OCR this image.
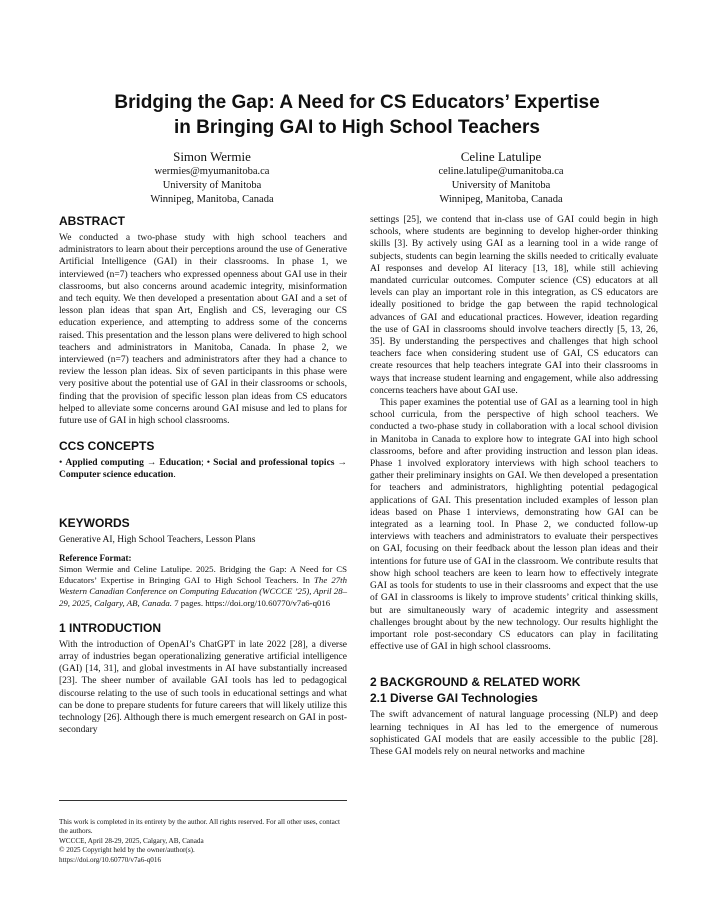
Bridging the Gap: A Need for CS Educators’ Expertise
in Bringing GAI to High School Teachers
Simon Wermie
wermies@myumanitoba.ca
University of Manitoba
Winnipeg, Manitoba, Canada
Celine Latulipe
celine.latulipe@umanitoba.ca
University of Manitoba
Winnipeg, Manitoba, Canada
ABSTRACT

We conducted a two-phase study with high school teachers and administrators to learn about their perceptions around the use of Generative Artificial Intelligence (GAI) in their classrooms. In phase 1, we interviewed (n=7) teachers who expressed openness about GAI use in their classrooms, but also concerns around academic integrity, misinformation and tech equity. We then developed a presentation about GAI and a set of lesson plan ideas that span Art, English and CS, leveraging our CS education experience, and attempting to address some of the concerns raised. This presentation and the lesson plans were delivered to high school teachers and administrators in Manitoba, Canada. In phase 2, we interviewed (n=7) teachers and administrators after they had a chance to review the lesson plan ideas. Six of seven participants in this phase were very positive about the potential use of GAI in their classrooms or schools, finding that the provision of specific lesson plan ideas from CS educators helped to alleviate some concerns around GAI misuse and led to plans for future use of GAI in high school classrooms.

CCS CONCEPTS

• Applied computing → Education; • Social and professional topics → Computer science education.

KEYWORDS

Generative AI, High School Teachers, Lesson Plans

Reference Format:

Simon Wermie and Celine Latulipe. 2025. Bridging the Gap: A Need for CS Educators’ Expertise in Bringing GAI to High School Teachers. In The 27th Western Canadian Conference on Computing Education (WCCCE ’25), April 28–29, 2025, Calgary, AB, Canada. 7 pages. https://doi.org/10.60770/v7a6-q016

1 INTRODUCTION

With the introduction of OpenAI’s ChatGPT in late 2022 [28], a diverse array of industries began operationalizing generative artificial intelligence (GAI) [14, 31], and global investments in AI have substantially increased [23]. The sheer number of available GAI tools has led to pedagogical discourse relating to the use of such tools in educational settings and what can be done to prepare students for future careers that will likely utilize this technology [26]. Although there is much emergent research on GAI in post-secondary

settings [25], we contend that in-class use of GAI could begin in high schools, where students are beginning to develop higher-order thinking skills [3]. By actively using GAI as a learning tool in a wide range of subjects, students can begin learning the skills needed to critically evaluate AI responses and develop AI literacy [13, 18], while still achieving mandated curricular outcomes. Computer science (CS) educators at all levels can play an important role in this integration, as CS educators are ideally positioned to bridge the gap between the rapid technological advances of GAI and educational practices. However, ideation regarding the use of GAI in classrooms should involve teachers directly [5, 13, 26, 35]. By understanding the perspectives and challenges that high school teachers face when considering student use of GAI, CS educators can create resources that help teachers integrate GAI into their classrooms in ways that increase student learning and engagement, while also addressing concerns teachers have about GAI use.

This paper examines the potential use of GAI as a learning tool in high school curricula, from the perspective of high school teachers. We conducted a two-phase study in collaboration with a local school division in Manitoba in Canada to explore how to integrate GAI into high school classrooms, before and after providing instruction and lesson plan ideas. Phase 1 involved exploratory interviews with high school teachers to gather their preliminary insights on GAI. We then developed a presentation for teachers and administrators, highlighting potential pedagogical applications of GAI. This presentation included examples of lesson plan ideas based on Phase 1 interviews, demonstrating how GAI can be integrated as a learning tool. In Phase 2, we conducted follow-up interviews with teachers and administrators to evaluate their perspectives on GAI, focusing on their feedback about the lesson plan ideas and their intentions for future use of GAI in the classroom. We contribute results that show high school teachers are keen to learn how to effectively integrate GAI as tools for students to use in their classrooms and expect that the use of GAI in classrooms is likely to improve students’ critical thinking skills, but are simultaneously wary of academic integrity and assessment challenges brought about by the new technology. Our results highlight the important role post-secondary CS educators can play in facilitating effective use of GAI in high school classrooms.

2 BACKGROUND & RELATED WORK
2.1 Diverse GAI Technologies

The swift advancement of natural language processing (NLP) and deep learning techniques in AI has led to the emergence of numerous sophisticated GAI models that are easily accessible to the public [28]. These GAI models rely on neural networks and machine

This work is completed in its entirety by the author. All rights reserved. For all other uses, contact the authors.
WCCCE, April 28-29, 2025, Calgary, AB, Canada
© 2025 Copyright held by the owner/author(s).
https://doi.org/10.60770/v7a6-q016
